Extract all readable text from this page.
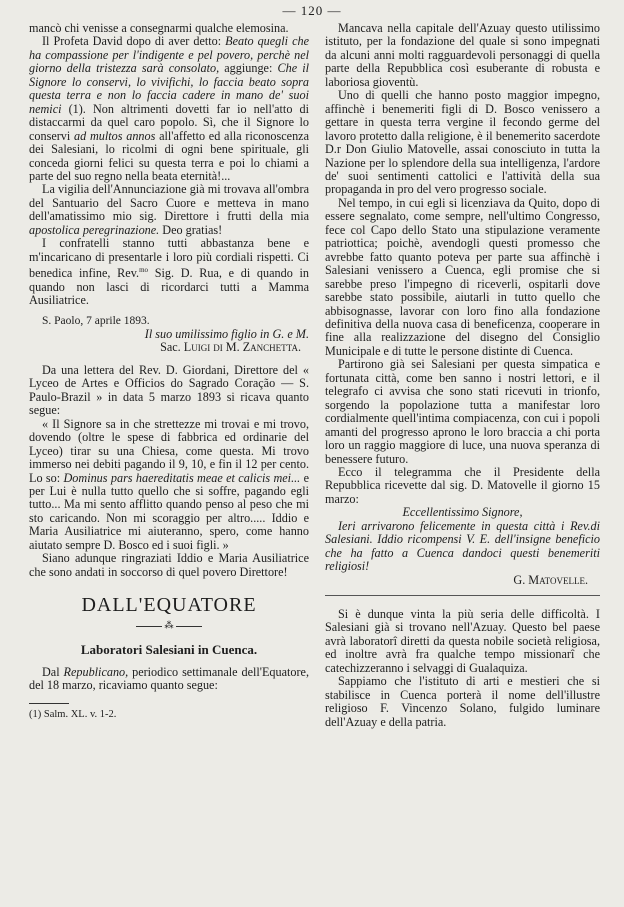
— 120 —

mancò chi venisse a consegnarmi qualche elemosina.

Il Profeta David dopo di aver detto: Beato quegli che ha compassione per l'indigente e pel povero, perchè nel giorno della tristezza sarà consolato, aggiunge: Che il Signore lo conservi, lo vivifichi, lo faccia beato sopra questa terra e non lo faccia cadere in mano de' suoi nemici (1). Non altrimenti dovetti far io nell'atto di distaccarmi da quel caro popolo. Sì, che il Signore lo conservi ad multos annos all'affetto ed alla riconoscenza dei Salesiani, lo ricolmi di ogni bene spirituale, gli conceda giorni felici su questa terra e poi lo chiami a parte del suo regno nella beata eternità!...

La vigilia dell'Annunciazione già mi trovava all'ombra del Santuario del Sacro Cuore e metteva in mano dell'amatissimo mio sig. Direttore i frutti della mia apostolica peregrinazione. Deo gratias!

I confratelli stanno tutti abbastanza bene e m'incaricano di presentarle i loro più cordiali rispetti. Ci benedica infine, Rev.$^{mo}$ Sig. D. Rua, e di quando in quando non lasci di ricordarci tutti a Mamma Ausiliatrice.

S. Paolo, 7 aprile 1893.

Il suo umilissimo figlio in G. e M.

Sac. Luigi di M. Zanchetta.

Da una lettera del Rev. D. Giordani, Direttore del « Lyceo de Artes e Officios do Sagrado Coração — S. Paulo-Brazil » in data 5 marzo 1893 si ricava quanto segue:

« Il Signore sa in che strettezze mi trovai e mi trovo, dovendo (oltre le spese di fabbrica ed ordinarie del Lyceo) tirar su una Chiesa, come questa. Mi trovo immerso nei debiti pagando il 9, 10, e fin il 12 per cento. Lo so: Dominus pars haereditatis meae et calicis mei... e per Lui è nulla tutto quello che si soffre, pagando egli tutto... Ma mi sento afflitto quando penso al peso che mi sto caricando. Non mi scoraggio per altro..... Iddio e Maria Ausiliatrice mi aiuteranno, spero, come hanno aiutato sempre D. Bosco ed i suoi figli. »

Siano adunque ringraziati Iddio e Maria Ausiliatrice che sono andati in soccorso di quel povero Direttore!

DALL'EQUATORE
⁂
Laboratori Salesiani in Cuenca.

Dal Republicano, periodico settimanale dell'Equatore, del 18 marzo, ricaviamo quanto segue:

(1) Salm. XL. v. 1-2.

Mancava nella capitale dell'Azuay questo utilissimo istituto, per la fondazione del quale si sono impegnati da alcuni anni molti ragguardevoli personaggi di quella parte della Repubblica così esuberante di robusta e laboriosa gioventù.

Uno di quelli che hanno posto maggior impegno, affinchè i benemeriti figli di D. Bosco venissero a gettare in questa terra vergine il fecondo germe del lavoro protetto dalla religione, è il benemerito sacerdote D.r Don Giulio Matovelle, assai conosciuto in tutta la Nazione per lo splendore della sua intelligenza, l'ardore de' suoi sentimenti cattolici e l'attività della sua propaganda in pro del vero progresso sociale.

Nel tempo, in cui egli si licenziava da Quito, dopo di essere segnalato, come sempre, nell'ultimo Congresso, fece col Capo dello Stato una stipulazione veramente patriottica; poichè, avendogli questi promesso che avrebbe fatto quanto poteva per parte sua affinchè i Salesiani venissero a Cuenca, egli promise che si sarebbe preso l'impegno di riceverli, ospitarli dove sarebbe stato possibile, aiutarli in tutto quello che abbisognasse, lavorar con loro fino alla fondazione definitiva della nuova casa di beneficenza, cooperare in fine alla realizzazione del disegno del Consiglio Municipale e di tutte le persone distinte di Cuenca.

Partirono già sei Salesiani per questa simpatica e fortunata città, come ben sanno i nostri lettori, e il telegrafo ci avvisa che sono stati ricevuti in trionfo, sorgendo la popolazione tutta a manifestar loro cordialmente quell'intima compiacenza, con cui i popoli amanti del progresso aprono le loro braccia a chi porta loro un raggio maggiore di luce, una nuova speranza di benessere futuro.

Ecco il telegramma che il Presidente della Repubblica ricevette dal sig. D. Matovelle il giorno 15 marzo:

Eccellentissimo Signore,

Ieri arrivarono felicemente in questa città i Rev.di Salesiani. Iddio ricompensi V. E. dell'insigne beneficio che ha fatto a Cuenca dandoci questi benemeriti religiosi!

G. Matovelle.

Si è dunque vinta la più seria delle difficoltà. I Salesiani già si trovano nell'Azuay. Questo bel paese avrà laboratorî diretti da questa nobile società religiosa, ed inoltre avrà fra qualche tempo missionarî che catechizzeranno i selvaggi di Gualaquiza.

Sappiamo che l'istituto di arti e mestieri che si stabilisce in Cuenca porterà il nome dell'illustre religioso F. Vincenzo Solano, fulgido luminare dell'Azuay e della patria.
